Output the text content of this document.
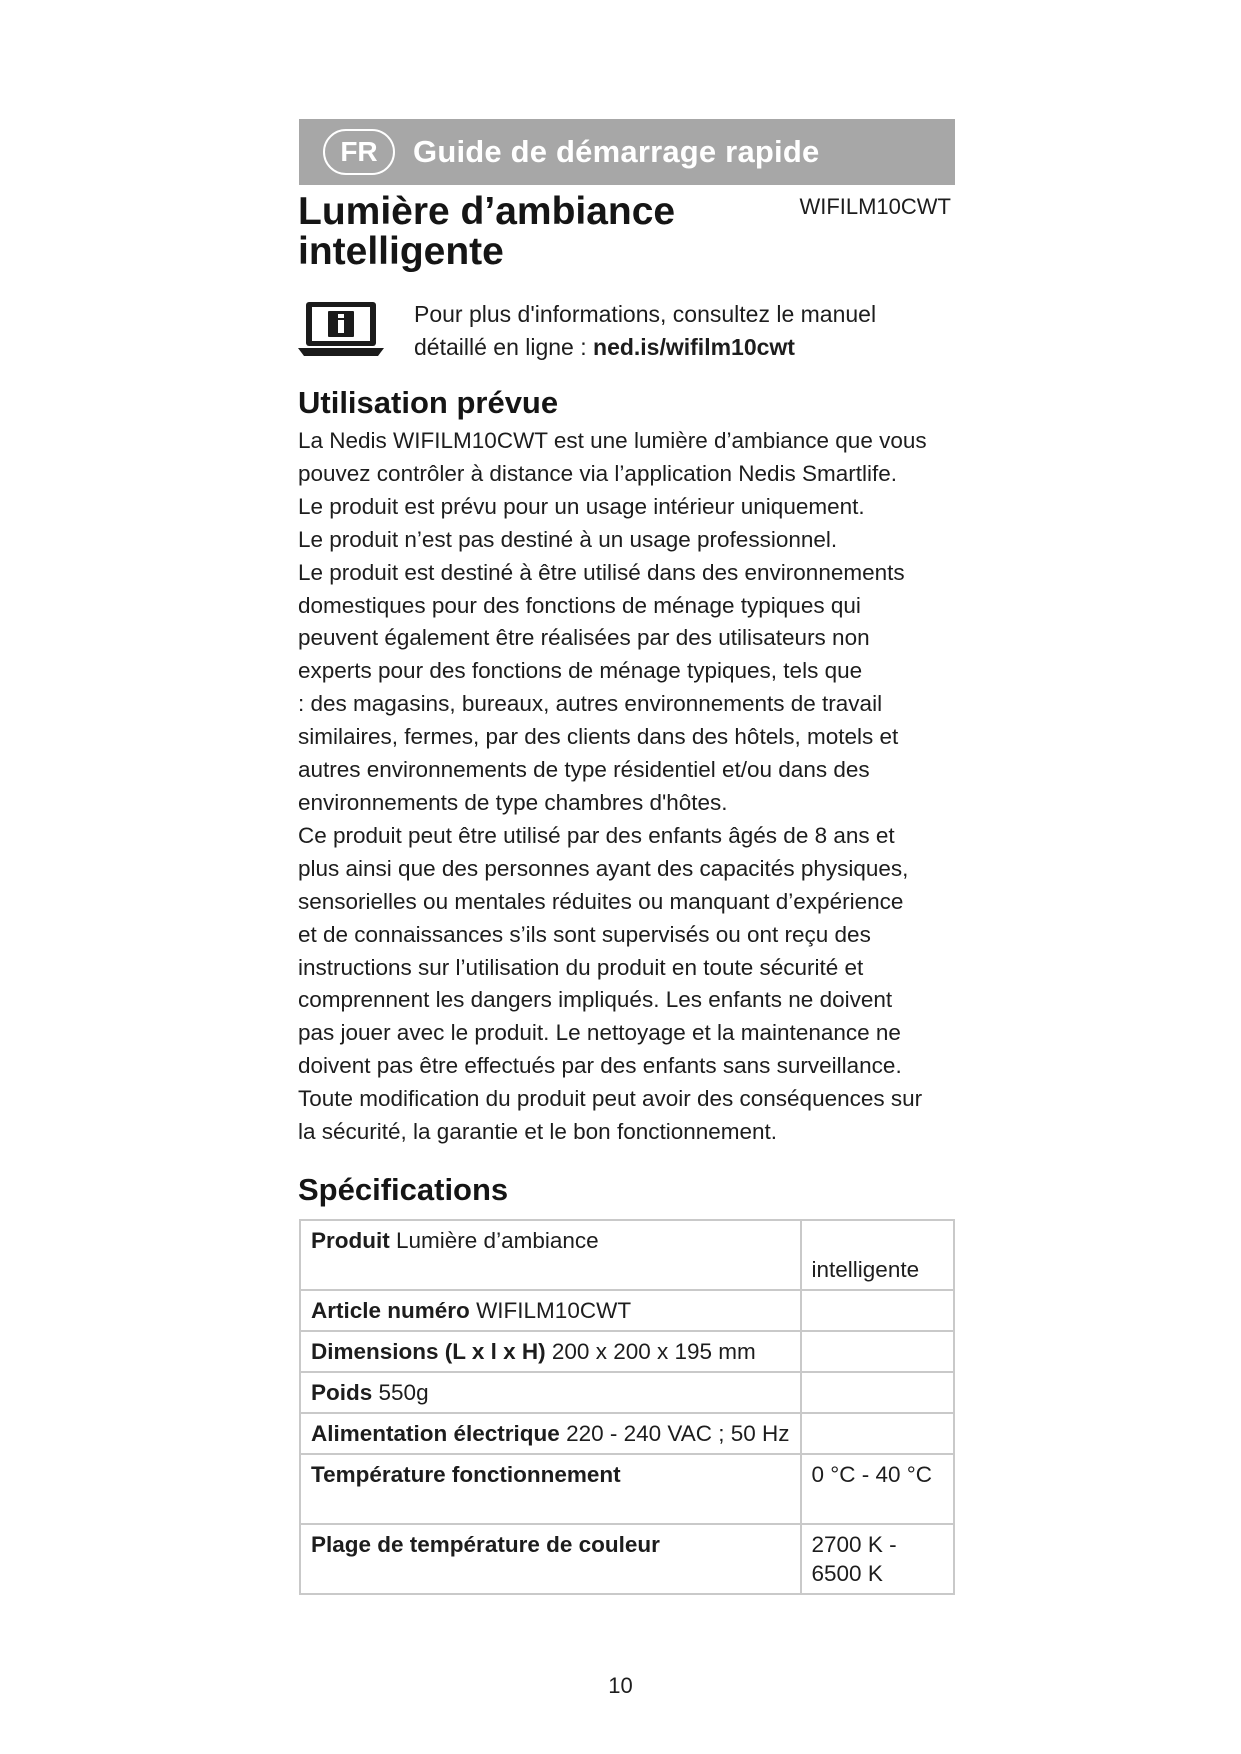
FR	Guide de démarrage rapide
Lumière d’ambiance
intelligente
WIFILM10CWT
Pour plus d'informations, consultez le manuel
détaillé en ligne : ned.is/wifilm10cwt
Utilisation prévue
La Nedis WIFILM10CWT est une lumière d’ambiance que vous
pouvez contrôler à distance via l’application Nedis Smartlife.
Le produit est prévu pour un usage intérieur uniquement.
Le produit n’est pas destiné à un usage professionnel.
Le produit est destiné à être utilisé dans des environnements
domestiques pour des fonctions de ménage typiques qui
peuvent également être réalisées par des utilisateurs non
experts pour des fonctions de ménage typiques, tels que
: des magasins, bureaux, autres environnements de travail
similaires, fermes, par des clients dans des hôtels, motels et
autres environnements de type résidentiel et/ou dans des
environnements de type chambres d'hôtes.
Ce produit peut être utilisé par des enfants âgés de 8 ans et
plus ainsi que des personnes ayant des capacités physiques,
sensorielles ou mentales réduites ou manquant d’expérience
et de connaissances s’ils sont supervisés ou ont reçu des
instructions sur l’utilisation du produit en toute sécurité et
comprennent les dangers impliqués. Les enfants ne doivent
pas jouer avec le produit. Le nettoyage et la maintenance ne
doivent pas être effectués par des enfants sans surveillance.
Toute modification du produit peut avoir des conséquences sur
la sécurité, la garantie et le bon fonctionnement.
Spécifications
Produit Lumière d’ambiance	intelligente
Article numéro WIFILM10CWT	
Dimensions (L x l x H) 200 x 200 x 195 mm	
Poids 550g	
Alimentation électrique 220 - 240 VAC ; 50 Hz	
Température fonctionnement	0 °C - 40 °C
Plage de température de couleur	2700 K - 6500 K
10
